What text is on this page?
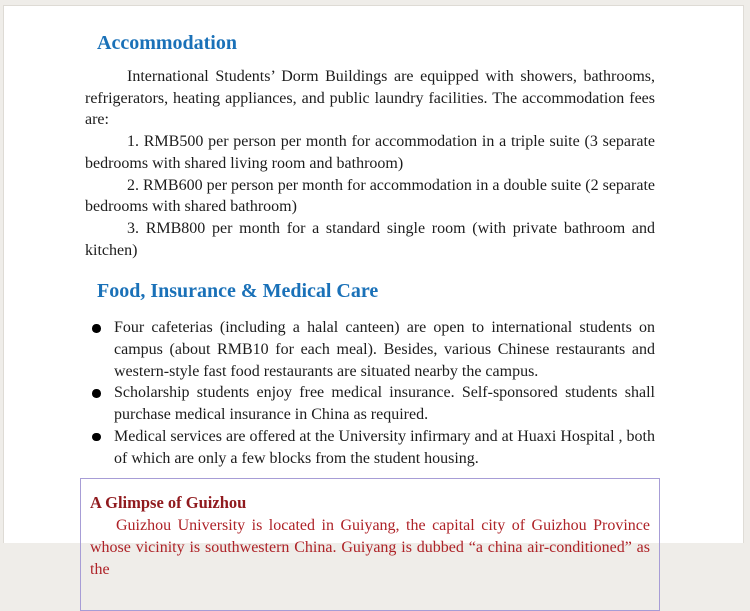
Accommodation

International Students’ Dorm Buildings are equipped with showers, bathrooms, refrigerators, heating appliances, and public laundry facilities. The accommodation fees are:

1. RMB500 per person per month for accommodation in a triple suite (3 separate bedrooms with shared living room and bathroom)

2. RMB600 per person per month for accommodation in a double suite (2 separate bedrooms with shared bathroom)

3. RMB800 per month for a standard single room (with private bathroom and kitchen)

Food, Insurance & Medical Care
Four cafeterias (including a halal canteen) are open to international students on campus (about RMB10 for each meal). Besides, various Chinese restaurants and western-style fast food restaurants are situated nearby the campus.
Scholarship students enjoy free medical insurance. Self-sponsored students shall purchase medical insurance in China as required.
Medical services are offered at the University infirmary and at Huaxi Hospital , both of which are only a few blocks from the student housing.
A Glimpse of Guizhou

Guizhou University is located in Guiyang, the capital city of Guizhou Province whose vicinity is southwestern China. Guiyang is dubbed “a china air-conditioned” as the
